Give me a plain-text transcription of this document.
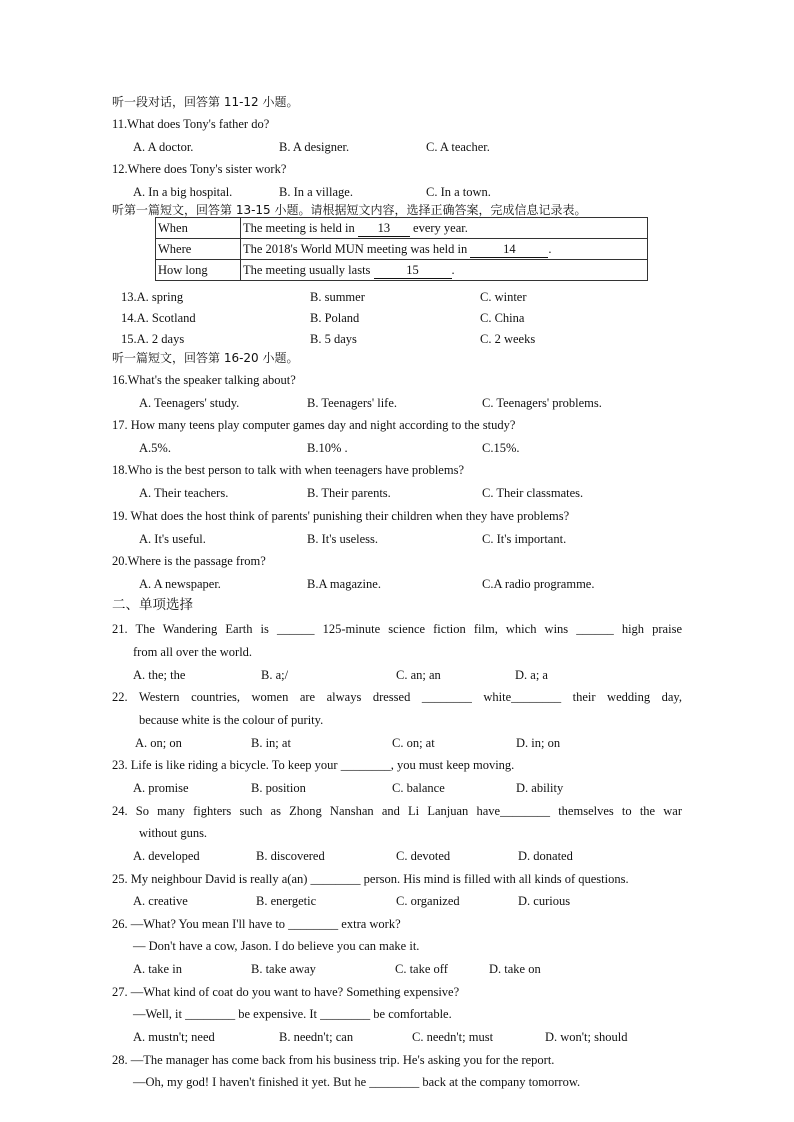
听一段对话，回答第 11-12 小题。
11.What does Tony's father do?
A. A doctor.	B. A designer.	C. A teacher.
12.Where does Tony's sister work?
A. In a big hospital.	B. In a village.	C. In a town.
听第一篇短文，回答第 13-15 小题。请根据短文内容，选择正确答案，完成信息记录表。
When	The meeting is held in 13 every year.
Where	The 2018's World MUN meeting was held in 14 .
How long	The meeting usually lasts 15 .
13.A. spring	B. summer	C. winter
14.A. Scotland	B. Poland	C. China
15.A. 2 days	B. 5 days	C. 2 weeks
听一篇短文，回答第 16-20 小题。
16.What's the speaker talking about?
A. Teenagers' study.	B. Teenagers' life.	C. Teenagers' problems.
17. How many teens play computer games day and night according to the study?
A.5%.	B.10% .	C.15%.
18.Who is the best person to talk with when teenagers have problems?
A. Their teachers.	B. Their parents.	C. Their classmates.
19. What does the host think of parents' punishing their children when they have problems?
A. It's useful.	B. It's useless.	C. It's important.
20.Where is the passage from?
A. A newspaper.	B.A magazine.	C.A radio programme.
二、单项选择
21. The Wandering Earth is ______ 125-minute science fiction film, which wins ______ high praise
from all over the world.
A. the; the	B. a;/	C. an; an	D. a; a
22. Western countries, women are always dressed ________ white________ their wedding day,
because white is the colour of purity.
A. on; on	B. in; at	C. on; at	D. in; on
23. Life is like riding a bicycle. To keep your ________, you must keep moving.
A. promise	B. position	C. balance	D. ability
24. So many fighters such as Zhong Nanshan and Li Lanjuan have________ themselves to the war
without guns.
A. developed	B. discovered	C. devoted	D. donated
25. My neighbour David is really a(an) ________ person. His mind is filled with all kinds of questions.
A. creative	B. energetic	C. organized	D. curious
26. —What? You mean I'll have to ________ extra work?
— Don't have a cow, Jason. I do believe you can make it.
A. take in	B. take away	C. take off	D. take on
27. —What kind of coat do you want to have? Something expensive?
—Well, it ________ be expensive. It ________ be comfortable.
A. mustn't; need	B. needn't; can	C. needn't; must	D. won't; should
28. —The manager has come back from his business trip. He's asking you for the report.
—Oh, my god! I haven't finished it yet. But he ________ back at the company tomorrow.
